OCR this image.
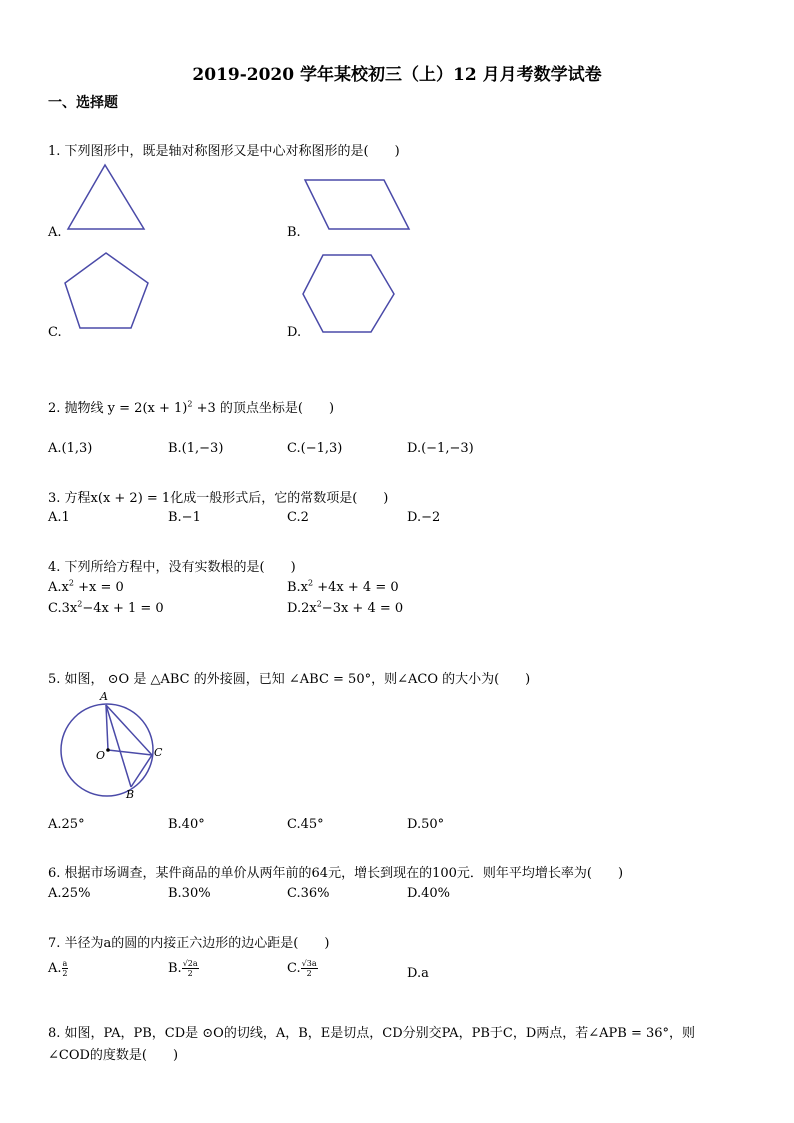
2019-2020 学年某校初三（上）12 月月考数学试卷
一、选择题
1. 下列图形中，既是轴对称图形又是中心对称图形的是(　　)
A.	B.
C.	D.
2. 抛物线 $y = 2(x + 1)^2 +3$ 的顶点坐标是(　　)
A.(1,3)	B.(1,−3)	C.(−1,3)	D.(−1,−3)
3. 方程x(x + 2) = 1化成一般形式后，它的常数项是(　　)
A.1	B.−1	C.2	D.−2
4. 下列所给方程中，没有实数根的是(　　)
$A.x^2 +x = 0$	$B.x^2 +4x + 4 = 0$
$C.3x^2-4x + 1 = 0$	$D.2x^2-3x + 4 = 0$
5. 如图， ⊙O 是 △ABC 的外接圆，已知 ∠ABC = 50°，则∠ACO 的大小为(　　)
A
O	C
B
A.25°	B.40°	C.45°	D.50°
6. 根据市场调查，某件商品的单价从两年前的64元，增长到现在的100元．则年平均增长率为(　　)
A.25%	B.30%	C.36%	D.40%
7. 半径为a的圆的内接正六边形的边心距是(　　)
A. $\frac{a}{2}$	B. $\frac{√2a}{2}$	C. $\frac{√3a}{2}$	D.a
8. 如图，PA，PB，CD是 ⊙O的切线，A，B，E是切点，CD分别交PA，PB于C，D两点，若∠APB = 36°，则
∠COD的度数是(　　)
